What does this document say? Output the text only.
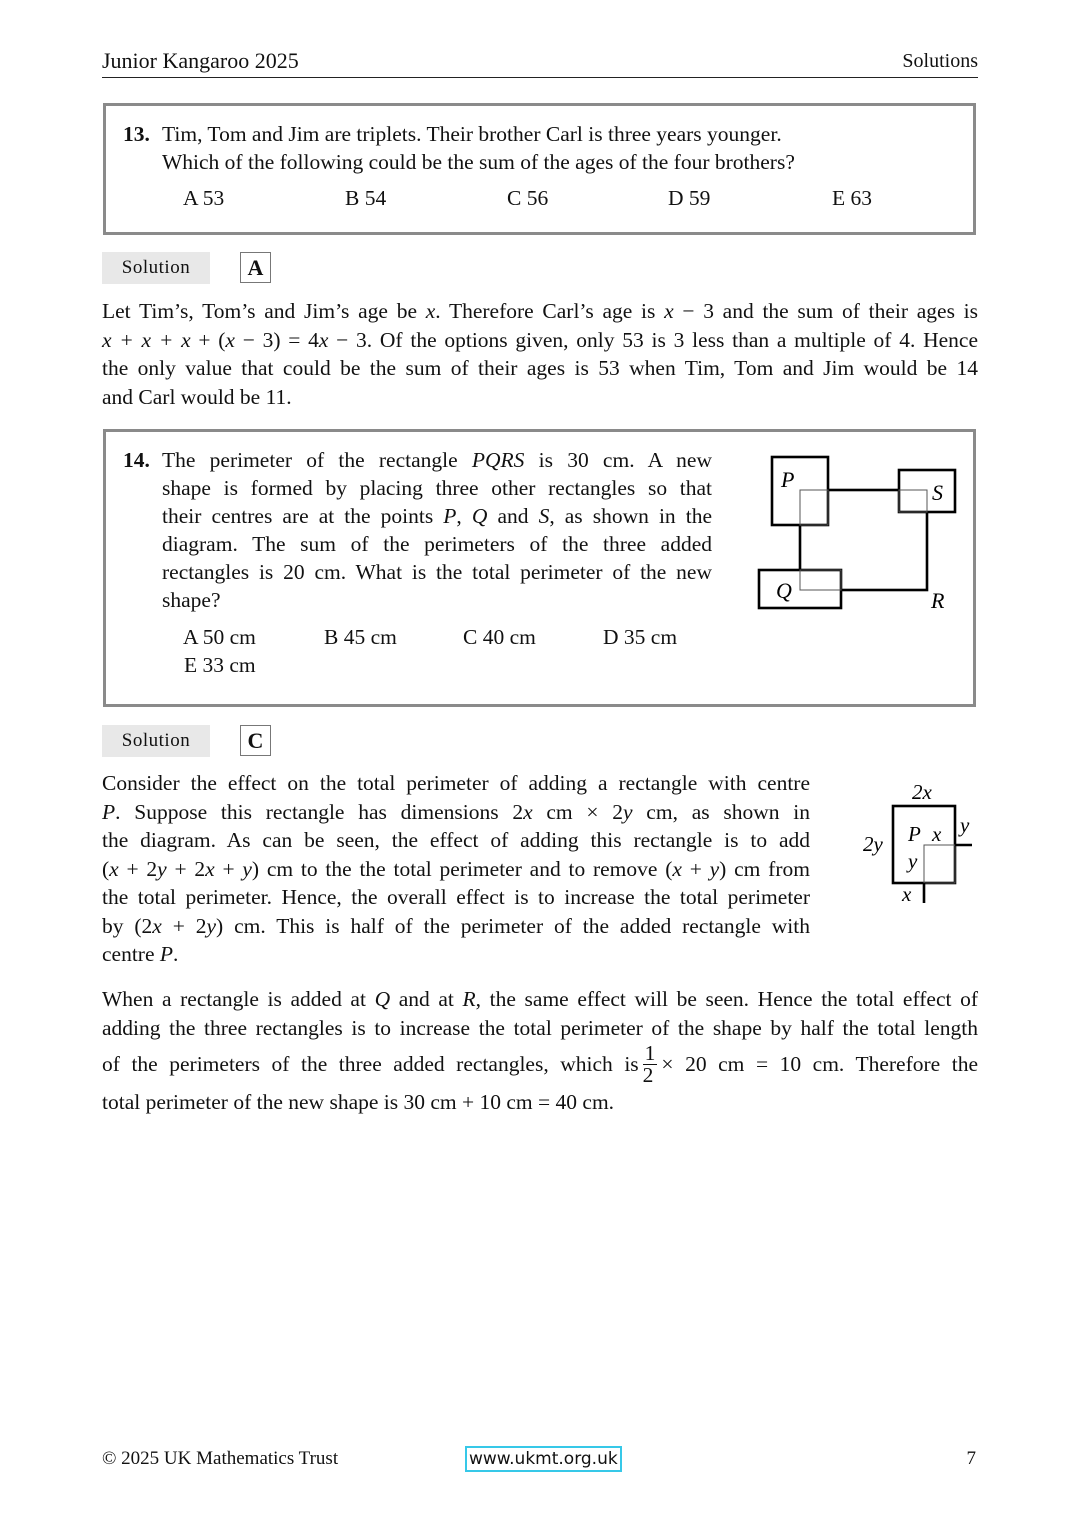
Junior Kangaroo 2025	Solutions
13. Tim, Tom and Jim are triplets. Their brother Carl is three years younger.
Which of the following could be the sum of the ages of the four brothers?
A 53	B 54	C 56	D 59	E 63
Solution	A
Let Tim’s, Tom’s and Jim’s age be x. Therefore Carl’s age is x − 3 and the sum of their ages is
x + x + x + (x − 3) = 4x − 3. Of the options given, only 53 is 3 less than a multiple of 4. Hence
the only value that could be the sum of their ages is 53 when Tim, Tom and Jim would be 14
and Carl would be 11.
14. The perimeter of the rectangle PQRS is 30 cm. A new
shape is formed by placing three other rectangles so that
their centres are at the points P, Q and S, as shown in the
diagram. The sum of the perimeters of the three added
rectangles is 20 cm. What is the total perimeter of the new
shape?
A 50 cm	B 45 cm	C 40 cm	D 35 cm
E 33 cm
P
S
Q	R
Solution	C
Consider the effect on the total perimeter of adding a rectangle with centre
P. Suppose this rectangle has dimensions 2x cm × 2y cm, as shown in
the diagram. As can be seen, the effect of adding this rectangle is to add
(x + 2y + 2x + y) cm to the the total perimeter and to remove (x + y) cm from
the total perimeter. Hence, the overall effect is to increase the total perimeter
by (2x + 2y) cm. This is half of the perimeter of the added rectangle with
centre P.
2x
2y P x y
y
x
When a rectangle is added at Q and at R, the same effect will be seen. Hence the total effect of
adding the three rectangles is to increase the total perimeter of the shape by half the total length
of the perimeters of the three added rectangles, which is $\frac{1}{2} \times 20$ cm = 10 cm. Therefore the
total perimeter of the new shape is 30 cm + 10 cm = 40 cm.
© 2025 UK Mathematics Trust	www.ukmt.org.uk	7
